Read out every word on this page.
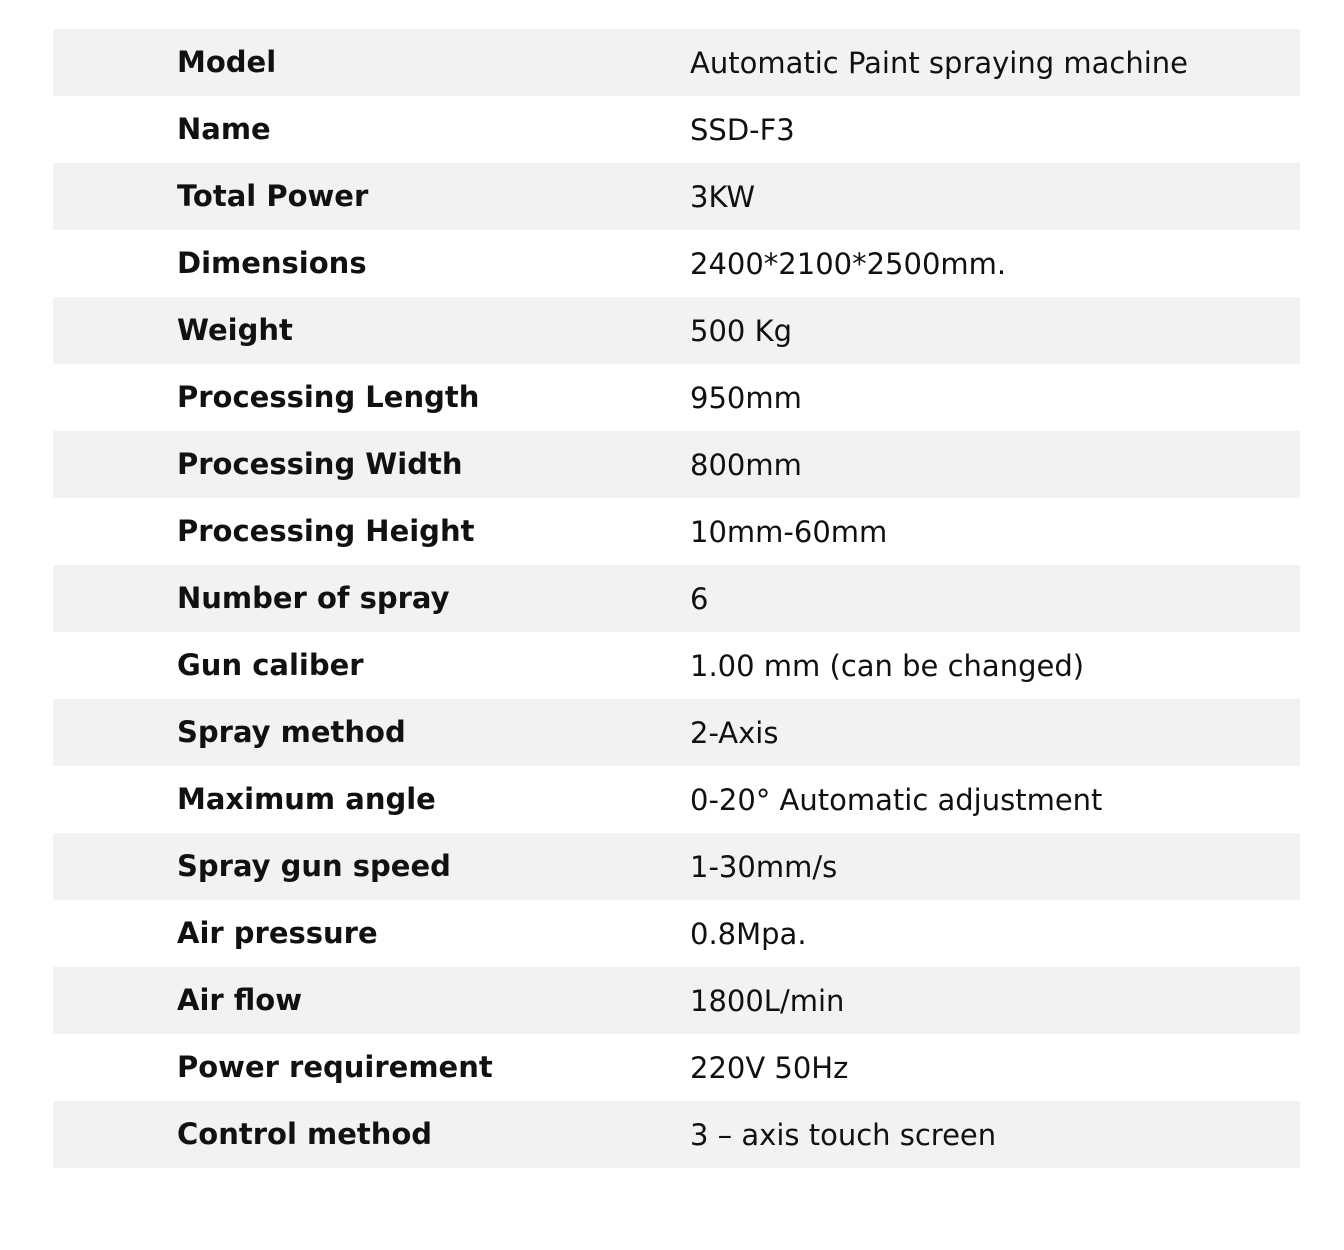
Model	Automatic Paint spraying machine
Name	SSD-F3
Total Power	3KW
Dimensions	2400*2100*2500mm.
Weight	500 Kg
Processing Length	950mm
Processing Width	800mm
Processing Height	10mm-60mm
Number of spray	6
Gun caliber	1.00 mm (can be changed)
Spray method	2-Axis
Maximum angle	0-20° Automatic adjustment
Spray gun speed	1-30mm/s
Air pressure	0.8Mpa.
Air flow	1800L/min
Power requirement	220V 50Hz
Control method	3 – axis touch screen
